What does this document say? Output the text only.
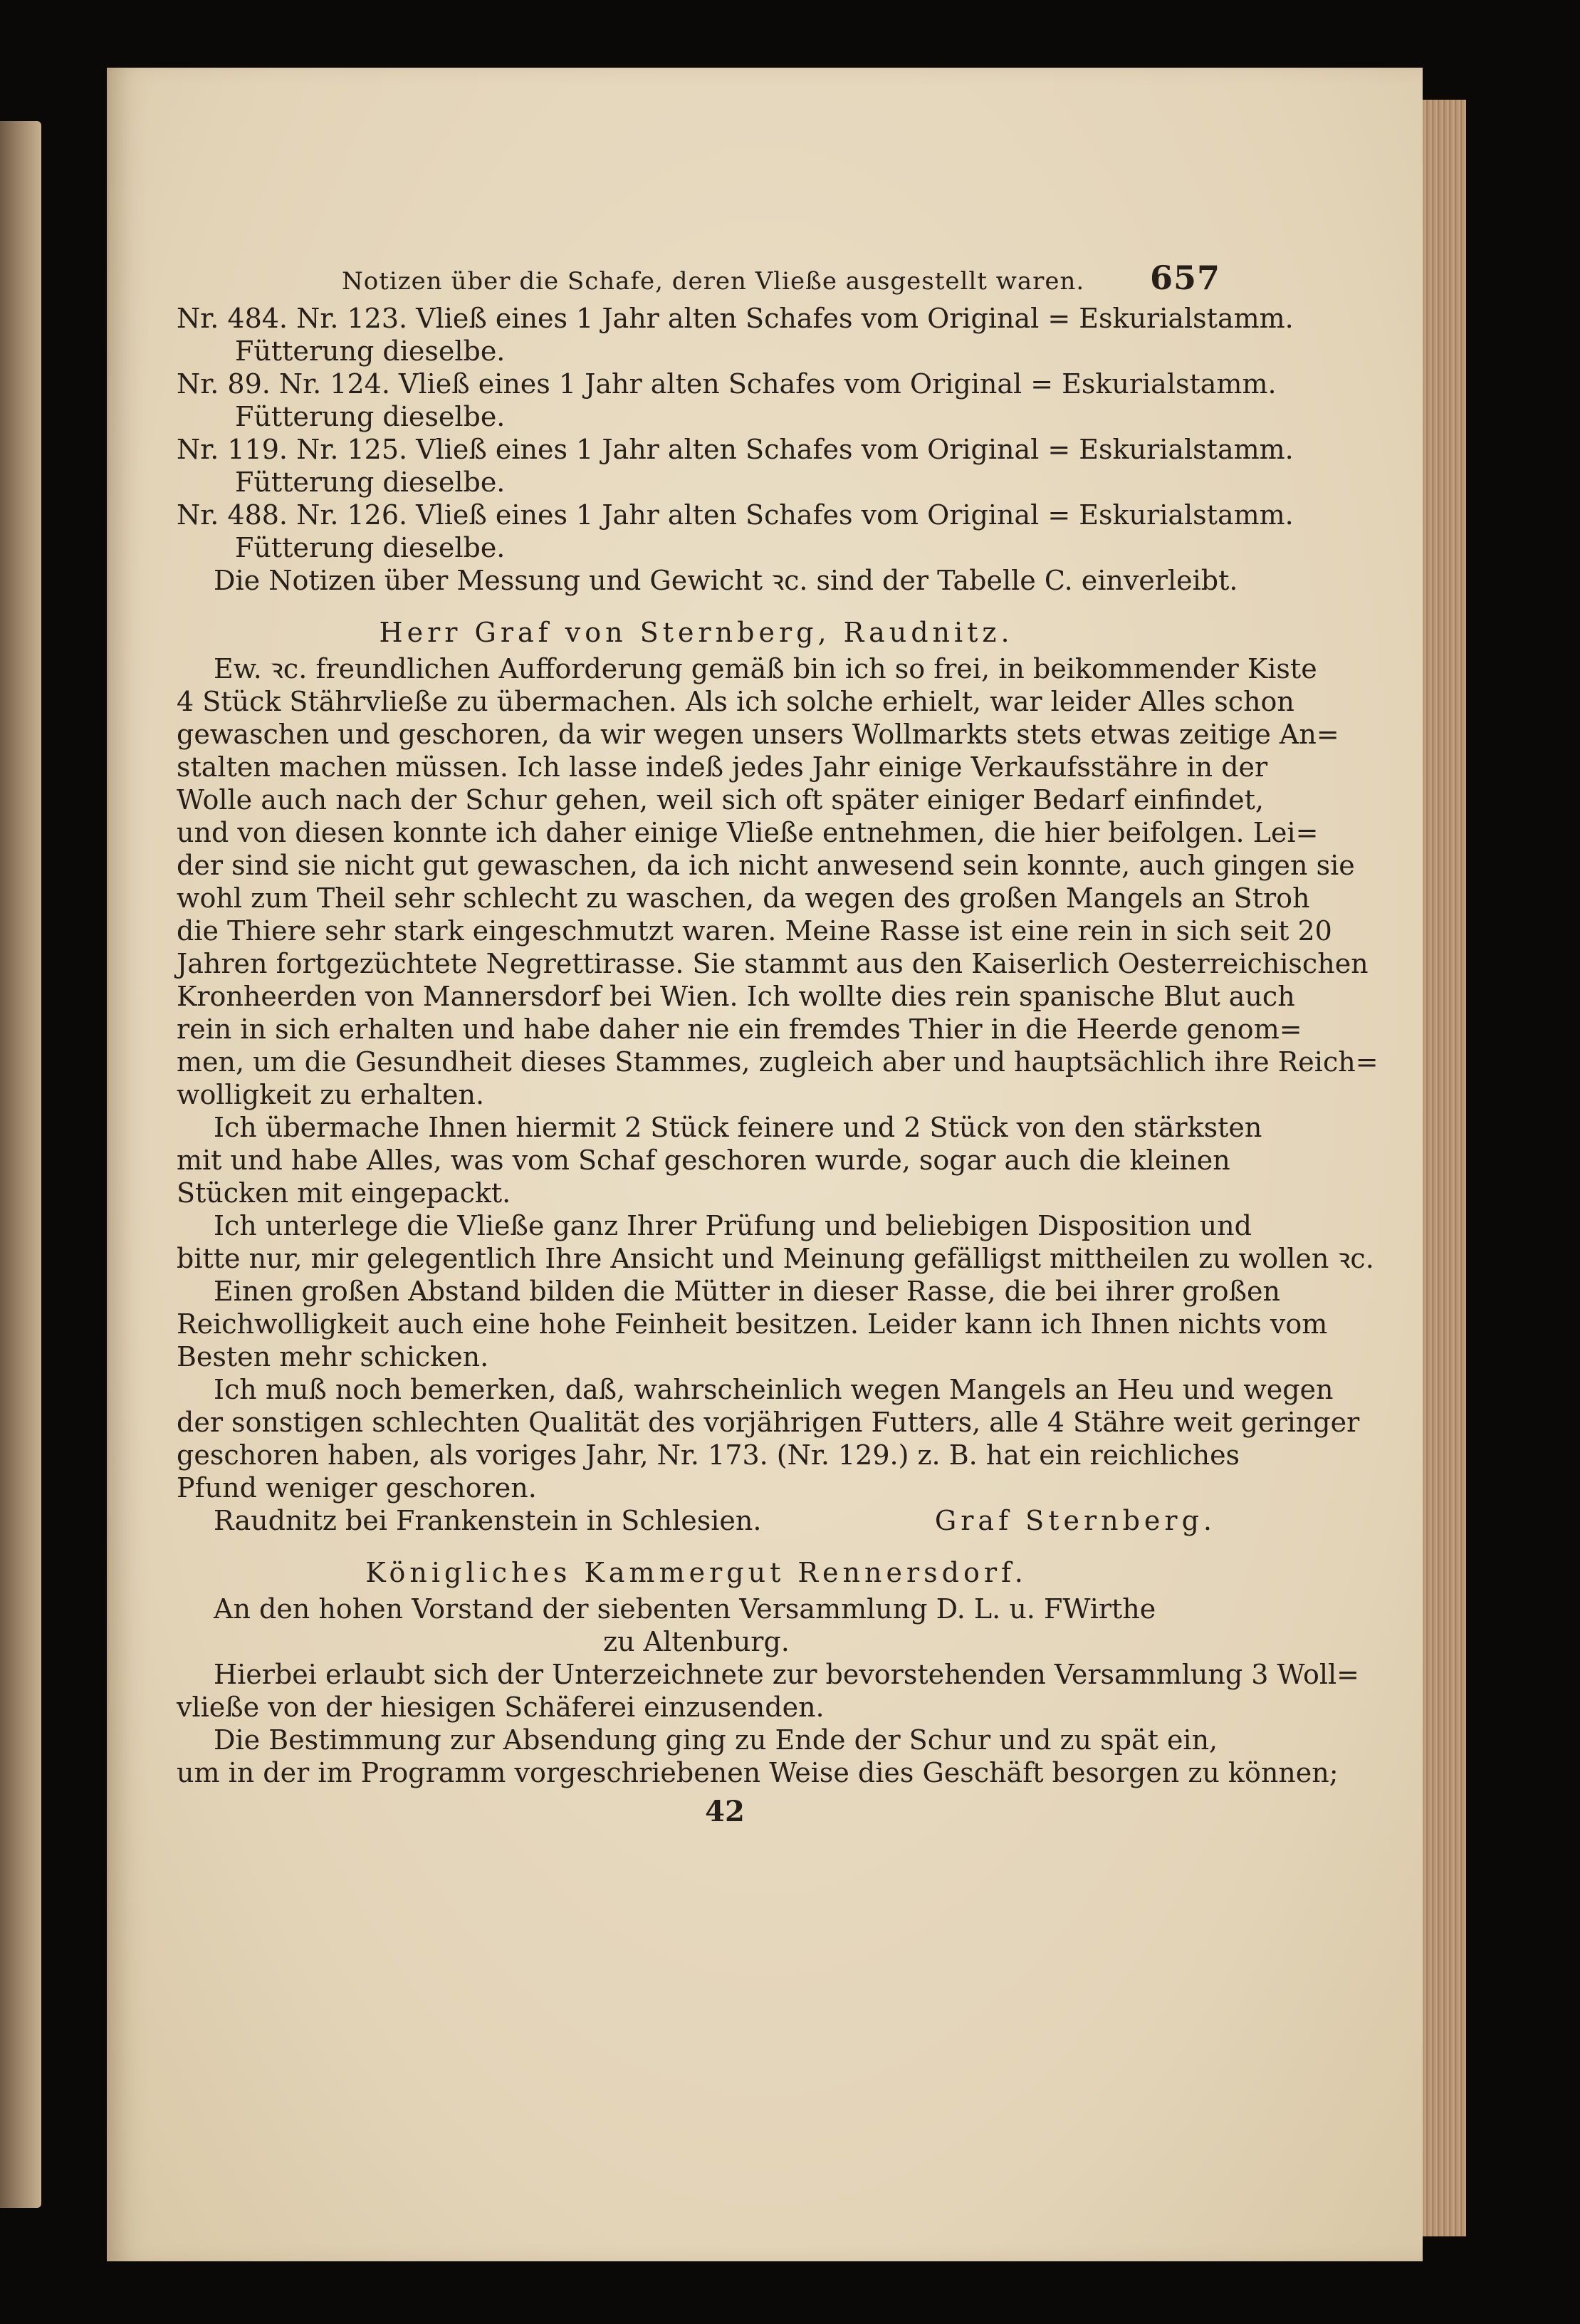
Notizen über die Schafe, deren Vließe ausgestellt waren. 657
Nr. 484. Nr. 123. Vließ eines 1 Jahr alten Schafes vom Original = Eskurialstamm.
Fütterung dieselbe.
Nr. 89. Nr. 124. Vließ eines 1 Jahr alten Schafes vom Original = Eskurialstamm.
Fütterung dieselbe.
Nr. 119. Nr. 125. Vließ eines 1 Jahr alten Schafes vom Original = Eskurialstamm.
Fütterung dieselbe.
Nr. 488. Nr. 126. Vließ eines 1 Jahr alten Schafes vom Original = Eskurialstamm.
Fütterung dieselbe.
Die Notizen über Messung und Gewicht ꝛc. sind der Tabelle C. einverleibt.
Herr Graf von Sternberg, Raudnitz.
Ew. ꝛc. freundlichen Aufforderung gemäß bin ich so frei, in beikommender Kiste
4 Stück Stährvließe zu übermachen. Als ich solche erhielt, war leider Alles schon
gewaschen und geschoren, da wir wegen unsers Wollmarkts stets etwas zeitige An=
stalten machen müssen. Ich lasse indeß jedes Jahr einige Verkaufsstähre in der
Wolle auch nach der Schur gehen, weil sich oft später einiger Bedarf einfindet,
und von diesen konnte ich daher einige Vließe entnehmen, die hier beifolgen. Lei=
der sind sie nicht gut gewaschen, da ich nicht anwesend sein konnte, auch gingen sie
wohl zum Theil sehr schlecht zu waschen, da wegen des großen Mangels an Stroh
die Thiere sehr stark eingeschmutzt waren. Meine Rasse ist eine rein in sich seit 20
Jahren fortgezüchtete Negrettirasse. Sie stammt aus den Kaiserlich Oesterreichischen
Kronheerden von Mannersdorf bei Wien. Ich wollte dies rein spanische Blut auch
rein in sich erhalten und habe daher nie ein fremdes Thier in die Heerde genom=
men, um die Gesundheit dieses Stammes, zugleich aber und hauptsächlich ihre Reich=
wolligkeit zu erhalten.
Ich übermache Ihnen hiermit 2 Stück feinere und 2 Stück von den stärksten
mit und habe Alles, was vom Schaf geschoren wurde, sogar auch die kleinen
Stücken mit eingepackt.
Ich unterlege die Vließe ganz Ihrer Prüfung und beliebigen Disposition und
bitte nur, mir gelegentlich Ihre Ansicht und Meinung gefälligst mittheilen zu wollen ꝛc.
Einen großen Abstand bilden die Mütter in dieser Rasse, die bei ihrer großen
Reichwolligkeit auch eine hohe Feinheit besitzen. Leider kann ich Ihnen nichts vom
Besten mehr schicken.
Ich muß noch bemerken, daß, wahrscheinlich wegen Mangels an Heu und wegen
der sonstigen schlechten Qualität des vorjährigen Futters, alle 4 Stähre weit geringer
geschoren haben, als voriges Jahr, Nr. 173. (Nr. 129.) z. B. hat ein reichliches
Pfund weniger geschoren.
Raudnitz bei Frankenstein in Schlesien.	Graf Sternberg.
Königliches Kammergut Rennersdorf.
An den hohen Vorstand der siebenten Versammlung D. L. u. FWirthe
zu Altenburg.
Hierbei erlaubt sich der Unterzeichnete zur bevorstehenden Versammlung 3 Woll=
vließe von der hiesigen Schäferei einzusenden.
Die Bestimmung zur Absendung ging zu Ende der Schur und zu spät ein,
um in der im Programm vorgeschriebenen Weise dies Geschäft besorgen zu können;
42
